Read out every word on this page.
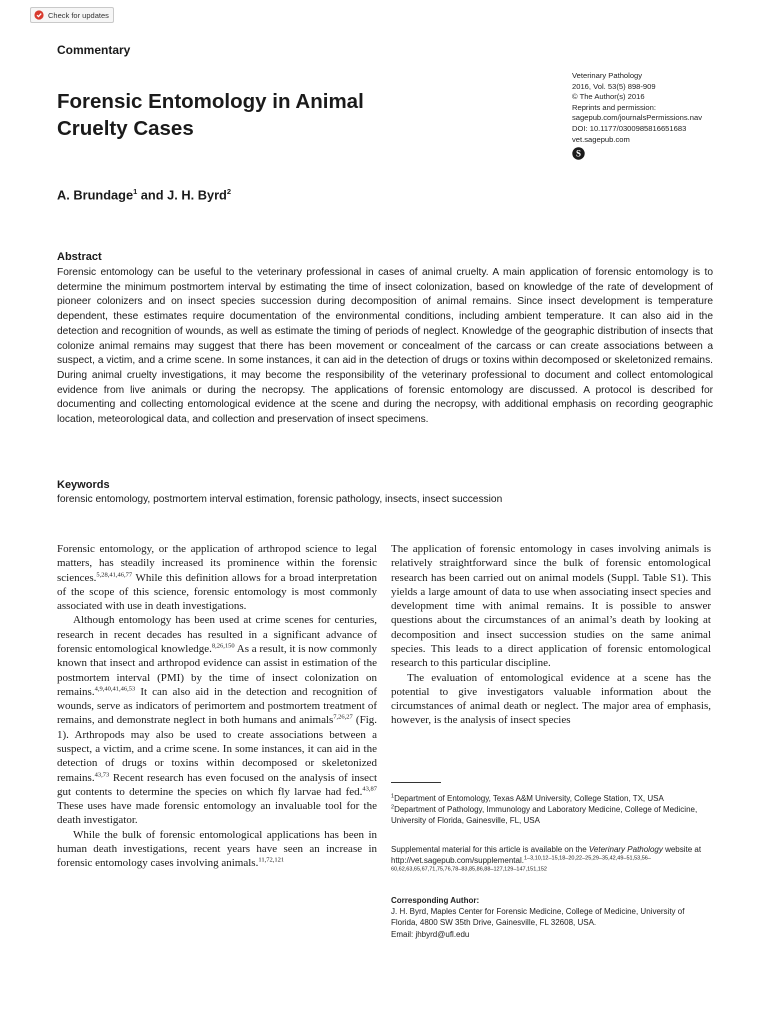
Check for updates
Commentary
Veterinary Pathology
2016, Vol. 53(5) 898-909
© The Author(s) 2016
Reprints and permission:
sagepub.com/journalsPermissions.nav
DOI: 10.1177/0300985816651683
vet.sagepub.com
S
Forensic Entomology in Animal
Cruelty Cases
A. Brundage$^1$ and J. H. Byrd$^2$
Abstract

Forensic entomology can be useful to the veterinary professional in cases of animal cruelty. A main application of forensic entomology is to determine the minimum postmortem interval by estimating the time of insect colonization, based on knowledge of the rate of development of pioneer colonizers and on insect species succession during decomposition of animal remains. Since insect development is temperature dependent, these estimates require documentation of the environmental conditions, including ambient temperature. It can also aid in the detection and recognition of wounds, as well as estimate the timing of periods of neglect. Knowledge of the geographic distribution of insects that colonize animal remains may suggest that there has been movement or concealment of the carcass or can create associations between a suspect, a victim, and a crime scene. In some instances, it can aid in the detection of drugs or toxins within decomposed or skeletonized remains. During animal cruelty investigations, it may become the responsibility of the veterinary professional to document and collect entomological evidence from live animals or during the necropsy. The applications of forensic entomology are discussed. A protocol is described for documenting and collecting entomological evidence at the scene and during the necropsy, with additional emphasis on recording geographic location, meteorological data, and collection and preservation of insect specimens.

Keywords
forensic entomology, postmortem interval estimation, forensic pathology, insects, insect succession

Forensic entomology, or the application of arthropod science to legal matters, has steadily increased its prominence within the forensic sciences.$^{5,28,41,46,77}$ While this definition allows for a broad interpretation of the scope of this science, forensic entomology is most commonly associated with use in death investigations.

Although entomology has been used at crime scenes for centuries, research in recent decades has resulted in a significant advance of forensic entomological knowledge.$^{8,26,150}$ As a result, it is now commonly known that insect and arthropod evidence can assist in estimation of the postmortem interval (PMI) by the time of insect colonization on remains.$^{4,9,40,41,46,53}$ It can also aid in the detection and recognition of wounds, serve as indicators of perimortem and postmortem treatment of remains, and demonstrate neglect in both humans and animals$^{7,26,27}$ (Fig. 1). Arthropods may also be used to create associations between a suspect, a victim, and a crime scene. In some instances, it can aid in the detection of drugs or toxins within decomposed or skeletonized remains.$^{43,73}$ Recent research has even focused on the analysis of insect gut contents to determine the species on which fly larvae had fed.$^{43,87}$ These uses have made forensic entomology an invaluable tool for the death investigator.

While the bulk of forensic entomological applications has been in human death investigations, recent years have seen an increase in forensic entomology cases involving animals.$^{11,72,121}$

The application of forensic entomology in cases involving animals is relatively straightforward since the bulk of forensic entomological research has been carried out on animal models (Suppl. Table S1). This yields a large amount of data to use when associating insect species and development time with animal remains. It is possible to answer questions about the circumstances of an animal’s death by looking at decomposition and insect succession studies on the same animal species. This leads to a direct application of forensic entomological research to this particular discipline.

The evaluation of entomological evidence at a scene has the potential to give investigators valuable information about the circumstances of animal death or neglect. The major area of emphasis, however, is the analysis of insect species

$^1$Department of Entomology, Texas A&M University, College Station, TX, USA

$^2$Department of Pathology, Immunology and Laboratory Medicine, College of Medicine, University of Florida, Gainesville, FL, USA

Supplemental material for this article is available on the Veterinary Pathology website at http://vet.sagepub.com/supplemental.$^{1-3,10,12-15,18-20,22-25,29-35,42,49-51,53,56-60,62,63,65,67,71,75,76,78-83,85,86,88-127,129-147,151,152}$

Corresponding Author:

J. H. Byrd, Maples Center for Forensic Medicine, College of Medicine, University of Florida, 4800 SW 35th Drive, Gainesville, FL 32608, USA.

Email: jhbyrd@ufl.edu
